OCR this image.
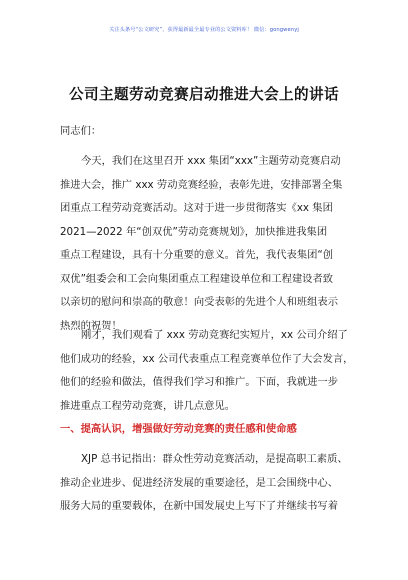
关注头条号“公文研究”，获得最新最全最专业的公文资料库！ 微信：gongwenyj
公司主题劳动竞赛启动推进大会上的讲话
同志们：
今天，我们在这里召开 xxx 集团“xxx”主题劳动竞赛启动
推进大会，推广 xxx 劳动竞赛经验，表彰先进，安排部署全集
团重点工程劳动竞赛活动。这对于进一步贯彻落实《xx 集团
2021—2022 年“创双优”劳动竞赛规划》，加快推进我集团
重点工程建设，具有十分重要的意义。首先，我代表集团“创
双优”组委会和工会向集团重点工程建设单位和工程建设者致
以亲切的慰问和崇高的敬意！向受表彰的先进个人和班组表示
热烈的祝贺！
刚才，我们观看了 xxx 劳动竞赛纪实短片，xx 公司介绍了
他们成功的经验，xx 公司代表重点工程竞赛单位作了大会发言，
他们的经验和做法，值得我们学习和推广。下面，我就进一步
推进重点工程劳动竞赛，讲几点意见。
一、提高认识，增强做好劳动竞赛的责任感和使命感
XJP 总书记指出：群众性劳动竞赛活动，是提高职工素质、
推动企业进步、促进经济发展的重要途径，是工会围绕中心、
服务大局的重要载体，在新中国发展史上写下了并继续书写着
